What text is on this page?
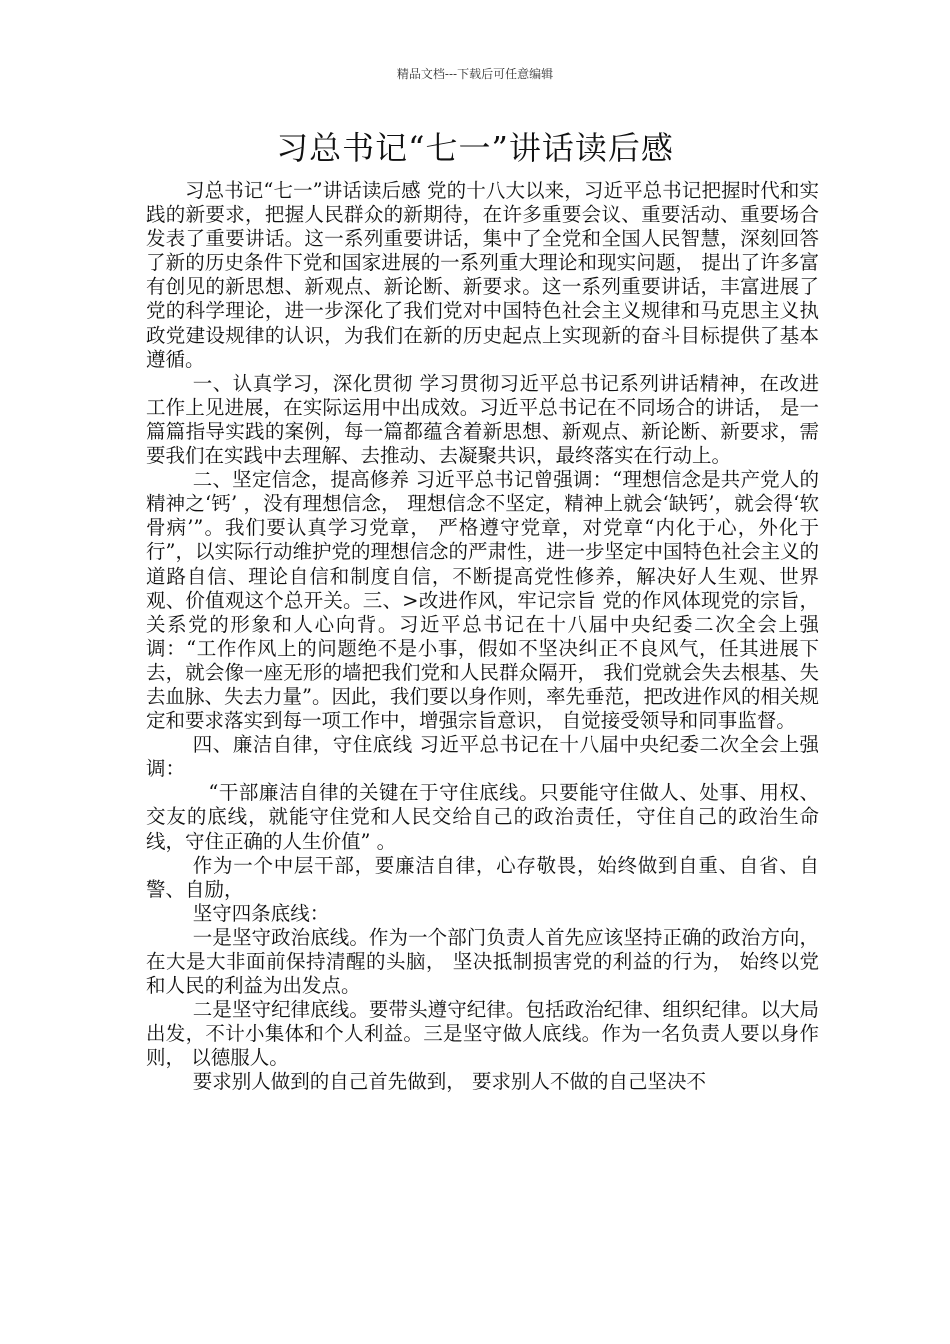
精品文档---下载后可任意编辑
习总书记“七一”讲话读后感

习总书记“七一”讲话读后感 党的十八大以来，习近平总书记把握时代和实践的新要求，把握人民群众的新期待，在许多重要会议、重要活动、重要场合发表了重要讲话。这一系列重要讲话，集中了全党和全国人民智慧，深刻回答了新的历史条件下党和国家进展的一系列重大理论和现实问题， 提出了许多富有创见的新思想、新观点、新论断、新要求。这一系列重要讲话，丰富进展了党的科学理论，进一步深化了我们党对中国特色社会主义规律和马克思主义执政党建设规律的认识，为我们在新的历史起点上实现新的奋斗目标提供了基本遵循。

一、认真学习，深化贯彻 学习贯彻习近平总书记系列讲话精神，在改进工作上见进展，在实际运用中出成效。习近平总书记在不同场合的讲话， 是一篇篇指导实践的案例，每一篇都蕴含着新思想、新观点、新论断、新要求，需要我们在实践中去理解、去推动、去凝聚共识，最终落实在行动上。

二、坚定信念，提高修养 习近平总书记曾强调：“理想信念是共产党人的精神之‘钙’ ，没有理想信念， 理想信念不坚定，精神上就会‘缺钙’，就会得‘软骨病’”。我们要认真学习党章， 严格遵守党章，对党章“内化于心，外化于行”，以实际行动维护党的理想信念的严肃性，进一步坚定中国特色社会主义的道路自信、理论自信和制度自信，不断提高党性修养，解决好人生观、世界观、价值观这个总开关。三、>改进作风，牢记宗旨 党的作风体现党的宗旨， 关系党的形象和人心向背。习近平总书记在十八届中央纪委二次全会上强调：“工作作风上的问题绝不是小事，假如不坚决纠正不良风气，任其进展下去，就会像一座无形的墙把我们党和人民群众隔开， 我们党就会失去根基、失去血脉、失去力量”。因此，我们要以身作则，率先垂范，把改进作风的相关规定和要求落实到每一项工作中，增强宗旨意识， 自觉接受领导和同事监督。

四、廉洁自律，守住底线 习近平总书记在十八届中央纪委二次全会上强调：

“干部廉洁自律的关键在于守住底线。只要能守住做人、处事、用权、交友的底线，就能守住党和人民交给自己的政治责任，守住自己的政治生命线，守住正确的人生价值” 。

作为一个中层干部，要廉洁自律，心存敬畏，始终做到自重、自省、自警、自励，

坚守四条底线：

一是坚守政治底线。作为一个部门负责人首先应该坚持正确的政治方向，在大是大非面前保持清醒的头脑， 坚决抵制损害党的利益的行为， 始终以党和人民的利益为出发点。

二是坚守纪律底线。要带头遵守纪律。包括政治纪律、组织纪律。以大局出发，不计小集体和个人利益。三是坚守做人底线。作为一名负责人要以身作则， 以德服人。

要求别人做到的自己首先做到， 要求别人不做的自己坚决不
